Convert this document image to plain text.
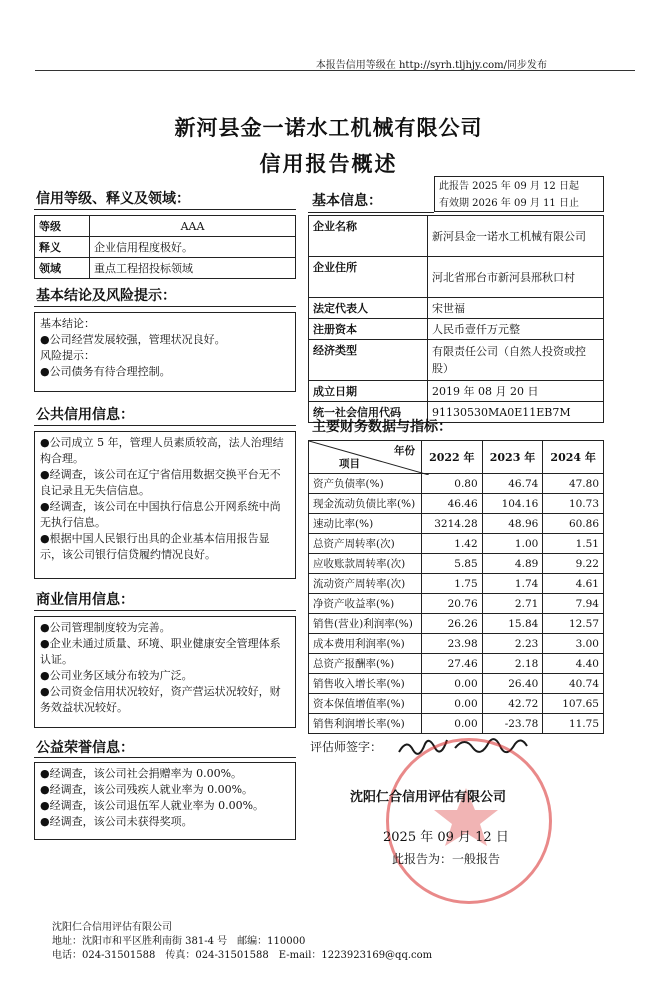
本报告信用等级在 http://syrh.tljhjy.com/同步发布
新河县金一诺水工机械有限公司
信用报告概述
此报告 2025 年 09 月 12 日起
有效期 2026 年 09 月 11 日止
信用等级、释义及领域：
等级	AAA
释义	企业信用程度极好。
领域	重点工程招投标领域
基本结论及风险提示：

基本结论：

●公司经营发展较强，管理状况良好。

风险提示：

●公司债务有待合理控制。

公共信用信息：

●公司成立 5 年，管理人员素质较高，法人治理结构合理。

●经调查，该公司在辽宁省信用数据交换平台无不良记录且无失信信息。

●经调查，该公司在中国执行信息公开网系统中尚无执行信息。

●根据中国人民银行出具的企业基本信用报告显示，该公司银行信贷履约情况良好。

商业信用信息：

●公司管理制度较为完善。

●企业未通过质量、环境、职业健康安全管理体系认证。

●公司业务区域分布较为广泛。

●公司资金信用状况较好，资产营运状况较好，财务效益状况较好。

公益荣誉信息：

●经调查，该公司社会捐赠率为 0.00%。

●经调查，该公司残疾人就业率为 0.00%。

●经调查，该公司退伍军人就业率为 0.00%。

●经调查，该公司未获得奖项。

基本信息：
企业名称	新河县金一诺水工机械有限公司
企业住所	河北省邢台市新河县邢秋口村
法定代表人	宋世福
注册资本	人民币壹仟万元整
经济类型	有限责任公司（自然人投资或控股）
成立日期	2019 年 08 月 20 日
统一社会信用代码	91130530MA0E11EB7M
主要财务数据与指标：
年份
项目	2022 年	2023 年	2024 年
资产负债率(%)	0.80	46.74	47.80
现金流动负债比率(%)	46.46	104.16	10.73
速动比率(%)	3214.28	48.96	60.86
总资产周转率(次)	1.42	1.00	1.51
应收账款周转率(次)	5.85	4.89	9.22
流动资产周转率(次)	1.75	1.74	4.61
净资产收益率(%)	20.76	2.71	7.94
销售(营业)利润率(%)	26.26	15.84	12.57
成本费用利润率(%)	23.98	2.23	3.00
总资产报酬率(%)	27.46	2.18	4.40
销售收入增长率(%)	0.00	26.40	40.74
资本保值增值率(%)	0.00	42.72	107.65
销售利润增长率(%)	0.00	-23.78	11.75
评估师签字：
沈阳仁合信用评估有限公司
2025 年 09 月 12 日
此报告为：一般报告
沈阳仁合信用评估有限公司
地址：沈阳市和平区胜利南街 381-4 号　邮编：110000
电话：024-31501588　传真：024-31501588　E-mail：1223923169@qq.com
